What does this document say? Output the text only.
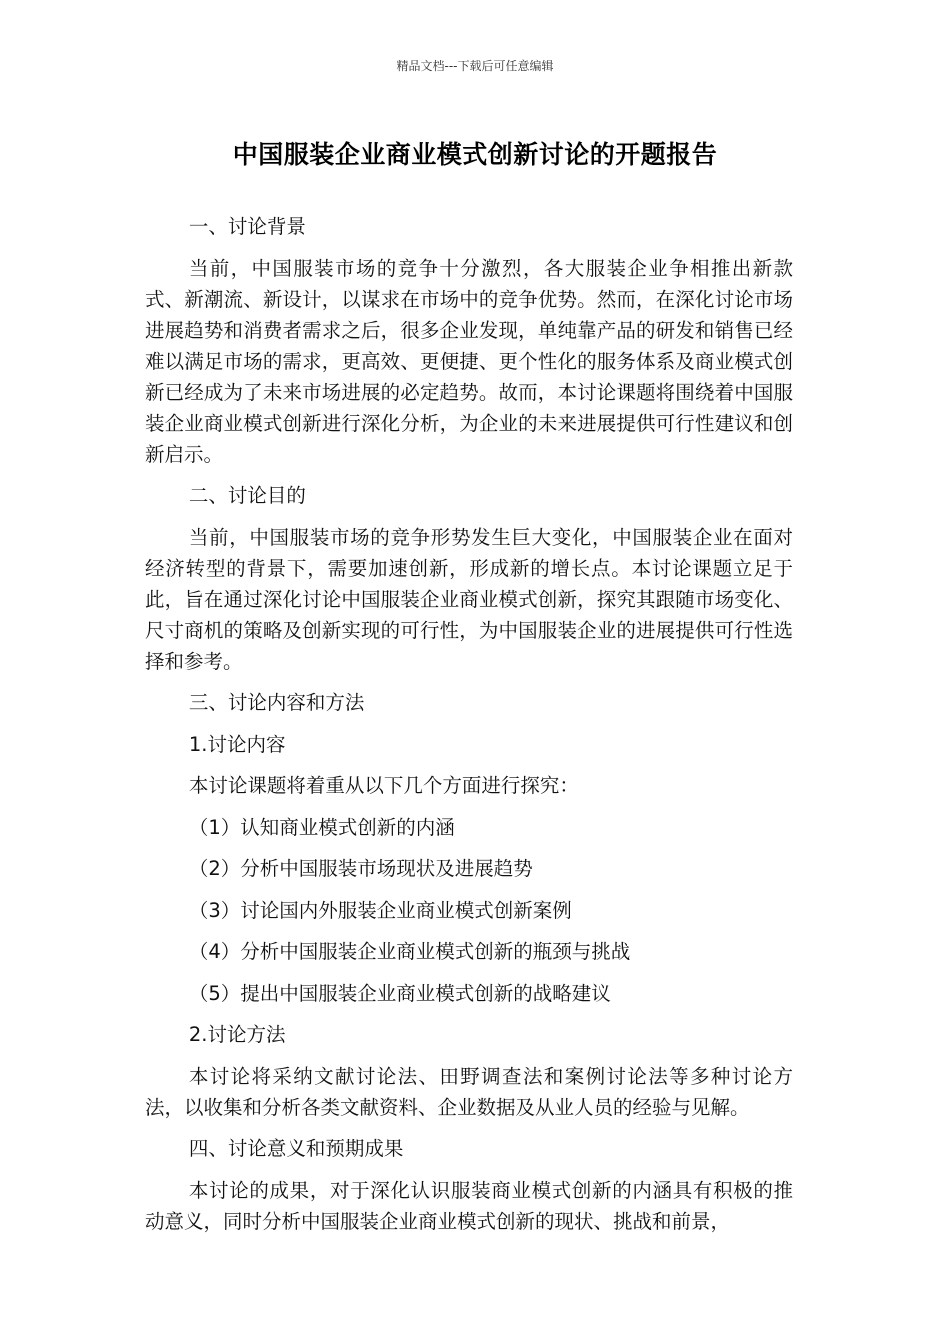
精品文档---下载后可任意编辑
中国服装企业商业模式创新讨论的开题报告

一、讨论背景

当前，中国服装市场的竞争十分激烈，各大服装企业争相推出新款式、新潮流、新设计，以谋求在市场中的竞争优势。然而，在深化讨论市场进展趋势和消费者需求之后，很多企业发现，单纯靠产品的研发和销售已经难以满足市场的需求，更高效、更便捷、更个性化的服务体系及商业模式创新已经成为了未来市场进展的必定趋势。故而，本讨论课题将围绕着中国服装企业商业模式创新进行深化分析，为企业的未来进展提供可行性建议和创新启示。

二、讨论目的

当前，中国服装市场的竞争形势发生巨大变化，中国服装企业在面对经济转型的背景下，需要加速创新，形成新的增长点。本讨论课题立足于此，旨在通过深化讨论中国服装企业商业模式创新，探究其跟随市场变化、尺寸商机的策略及创新实现的可行性，为中国服装企业的进展提供可行性选择和参考。

三、讨论内容和方法

1.讨论内容

本讨论课题将着重从以下几个方面进行探究：

（1）认知商业模式创新的内涵

（2）分析中国服装市场现状及进展趋势

（3）讨论国内外服装企业商业模式创新案例

（4）分析中国服装企业商业模式创新的瓶颈与挑战

（5）提出中国服装企业商业模式创新的战略建议

2.讨论方法

本讨论将采纳文献讨论法、田野调查法和案例讨论法等多种讨论方法，以收集和分析各类文献资料、企业数据及从业人员的经验与见解。

四、讨论意义和预期成果

本讨论的成果，对于深化认识服装商业模式创新的内涵具有积极的推动意义，同时分析中国服装企业商业模式创新的现状、挑战和前景，
